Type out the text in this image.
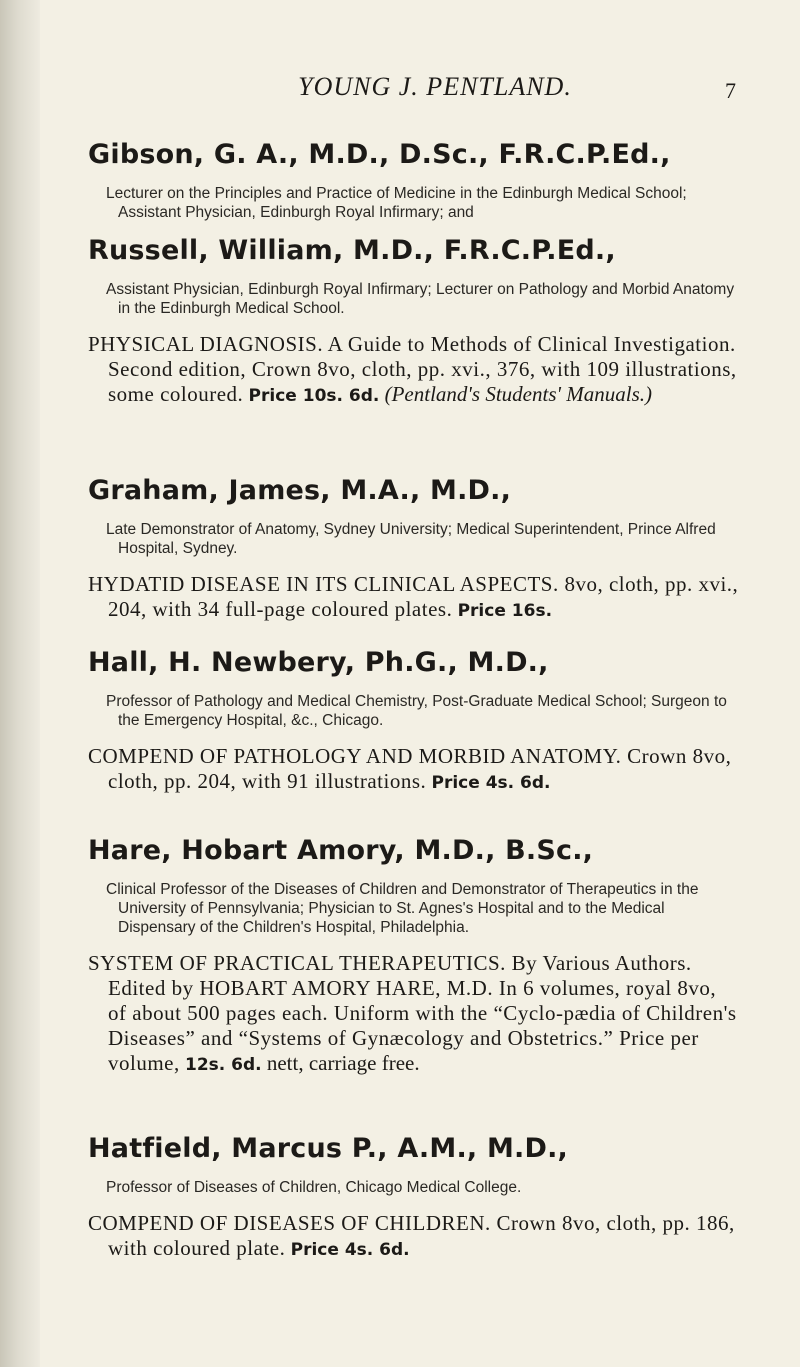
YOUNG J. PENTLAND.	7
Gibson, G. A., M.D., D.Sc., F.R.C.P.Ed.,
Lecturer on the Principles and Practice of Medicine in the Edinburgh Medical School; Assistant Physician, Edinburgh Royal Infirmary; and
Russell, William, M.D., F.R.C.P.Ed.,
Assistant Physician, Edinburgh Royal Infirmary; Lecturer on Pathology and Morbid Anatomy in the Edinburgh Medical School.
PHYSICAL DIAGNOSIS. A Guide to Methods of Clinical Investigation. Second edition, Crown 8vo, cloth, pp. xvi., 376, with 109 illustrations, some coloured. Price 10s. 6d. (Pentland's Students' Manuals.)
Graham, James, M.A., M.D.,
Late Demonstrator of Anatomy, Sydney University; Medical Superintendent, Prince Alfred Hospital, Sydney.
HYDATID DISEASE IN ITS CLINICAL ASPECTS. 8vo, cloth, pp. xvi., 204, with 34 full-page coloured plates. Price 16s.
Hall, H. Newbery, Ph.G., M.D.,
Professor of Pathology and Medical Chemistry, Post-Graduate Medical School; Surgeon to the Emergency Hospital, &c., Chicago.
COMPEND OF PATHOLOGY AND MORBID ANATOMY. Crown 8vo, cloth, pp. 204, with 91 illustrations. Price 4s. 6d.
Hare, Hobart Amory, M.D., B.Sc.,
Clinical Professor of the Diseases of Children and Demonstrator of Therapeutics in the University of Pennsylvania; Physician to St. Agnes's Hospital and to the Medical Dispensary of the Children's Hospital, Philadelphia.
SYSTEM OF PRACTICAL THERAPEUTICS. By Various Authors. Edited by HOBART AMORY HARE, M.D. In 6 volumes, royal 8vo, of about 500 pages each. Uniform with the “Cyclo-pædia of Children's Diseases” and “Systems of Gynæcology and Obstetrics.” Price per volume, 12s. 6d. nett, carriage free.
Hatfield, Marcus P., A.M., M.D.,
Professor of Diseases of Children, Chicago Medical College.
COMPEND OF DISEASES OF CHILDREN. Crown 8vo, cloth, pp. 186, with coloured plate. Price 4s. 6d.
